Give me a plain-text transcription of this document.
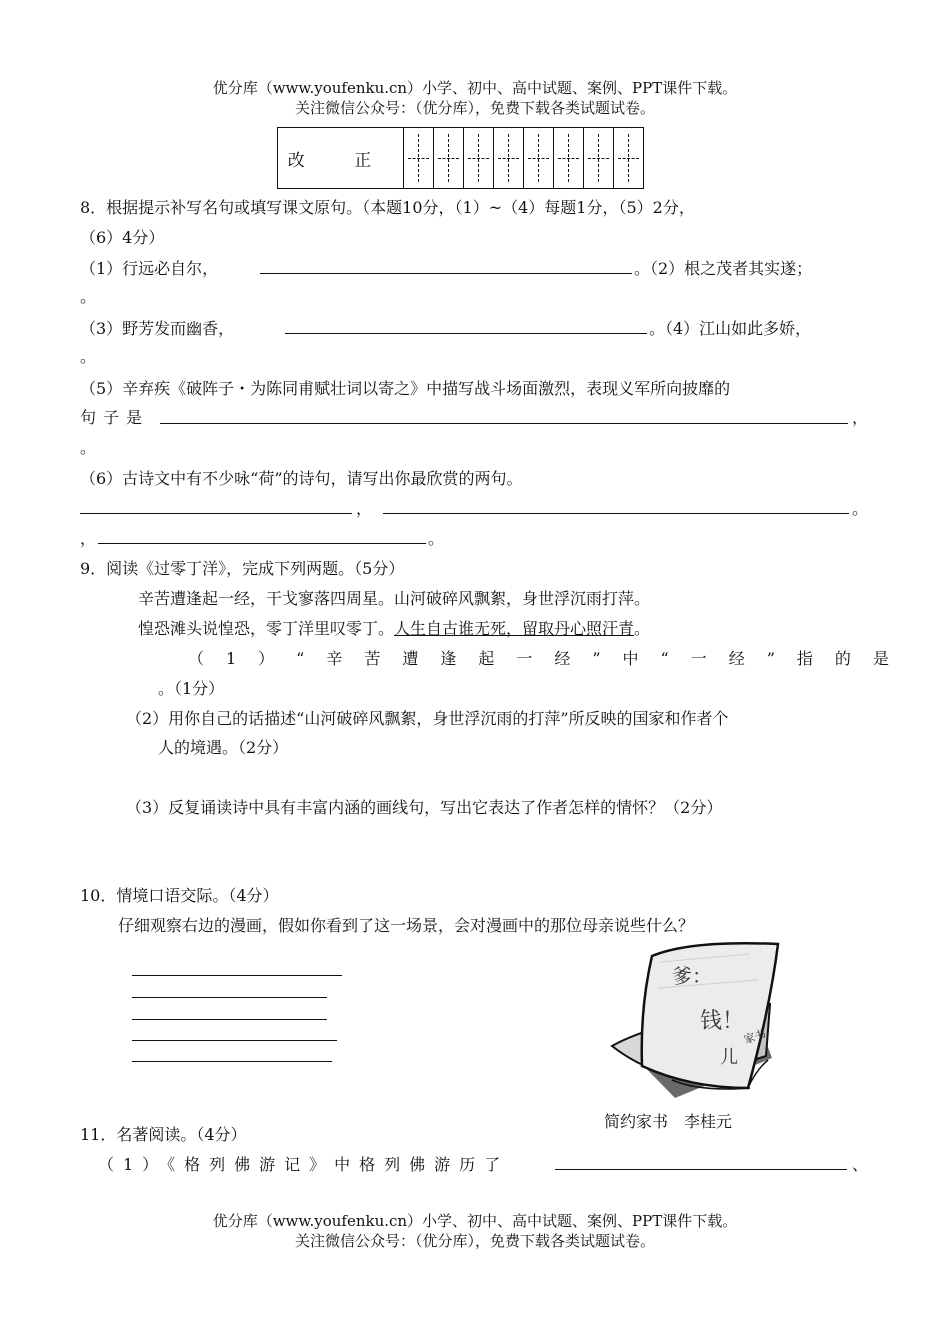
优分库（www.youfenku.cn）小学、初中、高中试题、案例、PPT课件下载。
关注微信公众号：（优分库），免费下载各类试题试卷。
改 正								
8．根据提示补写名句或填写课文原句。（本题10分，（1）~（4）每题1分，（5）2分，
（6）4分）
（1）行远必自尔，	。（2）根之茂者其实遂；
。
（3）野芳发而幽香，	。（4）江山如此多娇，
。
（5）辛弃疾《破阵子・为陈同甫赋壮词以寄之》中描写战斗场面激烈，表现义军所向披靡的
句子是	，
。
（6）古诗文中有不少咏“荷”的诗句，请写出你最欣赏的两句。
，	。
，	。
9．阅读《过零丁洋》，完成下列两题。（5分）
辛苦遭逢起一经，干戈寥落四周星。山河破碎风飘絮，身世浮沉雨打萍。
惶恐滩头说惶恐，零丁洋里叹零丁。人生自古谁无死，留取丹心照汗青。
（1）“辛苦遭逢起一经”中“一经”指的是
。（1分）
（2）用你自己的话描述“山河破碎风飘絮，身世浮沉雨的打萍”所反映的国家和作者个
人的境遇。（2分）
（3）反复诵读诗中具有丰富内涵的画线句，写出它表达了作者怎样的情怀？（2分）
10．情境口语交际。（4分）
仔细观察右边的漫画，假如你看到了这一场景，会对漫画中的那位母亲说些什么？
爹：
钱！
儿
家书
简约家书　李桂元
11．名著阅读。（4分）
（1）《格列佛游记》中格列佛游历了	、
优分库（www.youfenku.cn）小学、初中、高中试题、案例、PPT课件下载。
关注微信公众号：（优分库），免费下载各类试题试卷。
